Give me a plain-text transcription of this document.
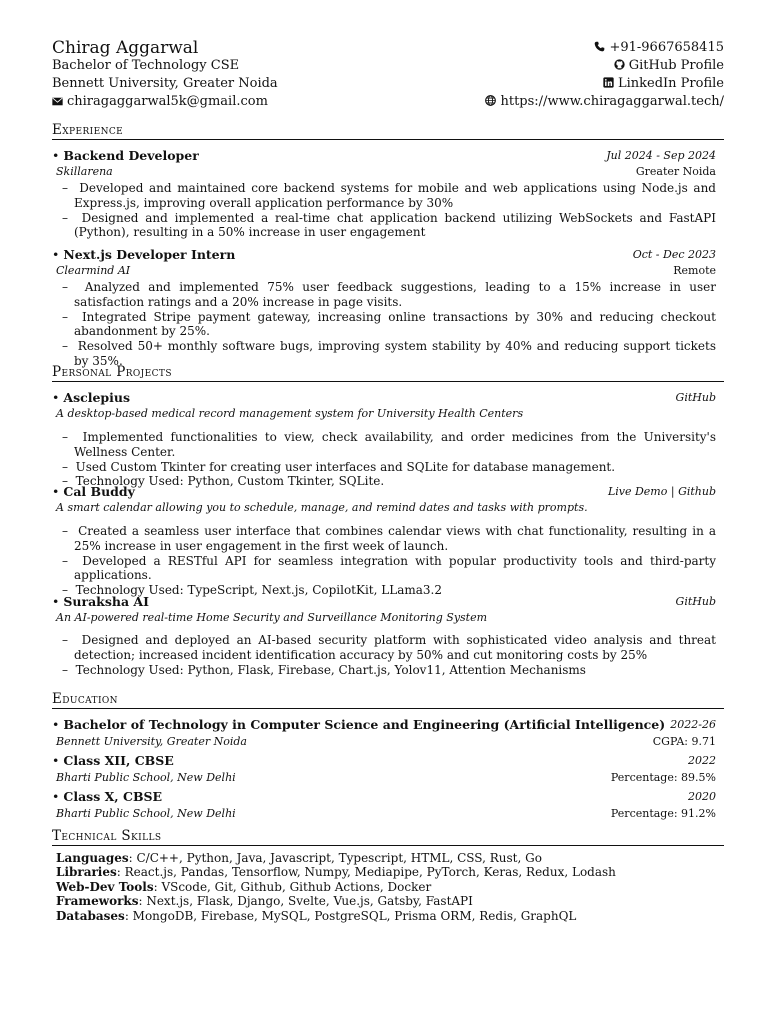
Chirag Aggarwal	+91-9667658415
Bachelor of Technology CSE	GitHub Profile
Bennett University, Greater Noida	LinkedIn Profile
chiragaggarwal5k@gmail.com	https://www.chiragaggarwal.tech/
Experience
• Backend Developer	Jul 2024 - Sep 2024
Skillarena	Greater Noida
–  Developed and maintained core backend systems for mobile and web applications using Node.js and Express.js, improving overall application performance by 30%
–  Designed and implemented a real-time chat application backend utilizing WebSockets and FastAPI (Python), resulting in a 50% increase in user engagement
• Next.js Developer Intern	Oct - Dec 2023
Clearmind AI	Remote
–  Analyzed and implemented 75% user feedback suggestions, leading to a 15% increase in user satisfaction ratings and a 20% increase in page visits.
–  Integrated Stripe payment gateway, increasing online transactions by 30% and reducing checkout abandonment by 25%.
–  Resolved 50+ monthly software bugs, improving system stability by 40% and reducing support tickets by 35%.
Personal Projects
• Asclepius	GitHub
A desktop-based medical record management system for University Health Centers
–  Implemented functionalities to view, check availability, and order medicines from the University's Wellness Center.
–  Used Custom Tkinter for creating user interfaces and SQLite for database management.
–  Technology Used: Python, Custom Tkinter, SQLite.
• Cal Buddy	Live Demo | Github
A smart calendar allowing you to schedule, manage, and remind dates and tasks with prompts.
–  Created a seamless user interface that combines calendar views with chat functionality, resulting in a 25% increase in user engagement in the first week of launch.
–  Developed a RESTful API for seamless integration with popular productivity tools and third-party applications.
–  Technology Used: TypeScript, Next.js, CopilotKit, LLama3.2
• Suraksha AI	GitHub
An AI-powered real-time Home Security and Surveillance Monitoring System
–  Designed and deployed an AI-based security platform with sophisticated video analysis and threat detection; increased incident identification accuracy by 50% and cut monitoring costs by 25%
–  Technology Used: Python, Flask, Firebase, Chart.js, Yolov11, Attention Mechanisms
Education
• Bachelor of Technology in Computer Science and Engineering (Artificial Intelligence) 2022-26
Bennett University, Greater Noida	CGPA: 9.71
• Class XII, CBSE	2022
Bharti Public School, New Delhi	Percentage: 89.5%
• Class X, CBSE	2020
Bharti Public School, New Delhi	Percentage: 91.2%
Technical Skills
Languages: C/C++, Python, Java, Javascript, Typescript, HTML, CSS, Rust, Go
Libraries: React.js, Pandas, Tensorflow, Numpy, Mediapipe, PyTorch, Keras, Redux, Lodash
Web-Dev Tools: VScode, Git, Github, Github Actions, Docker
Frameworks: Next.js, Flask, Django, Svelte, Vue.js, Gatsby, FastAPI
Databases: MongoDB, Firebase, MySQL, PostgreSQL, Prisma ORM, Redis, GraphQL
